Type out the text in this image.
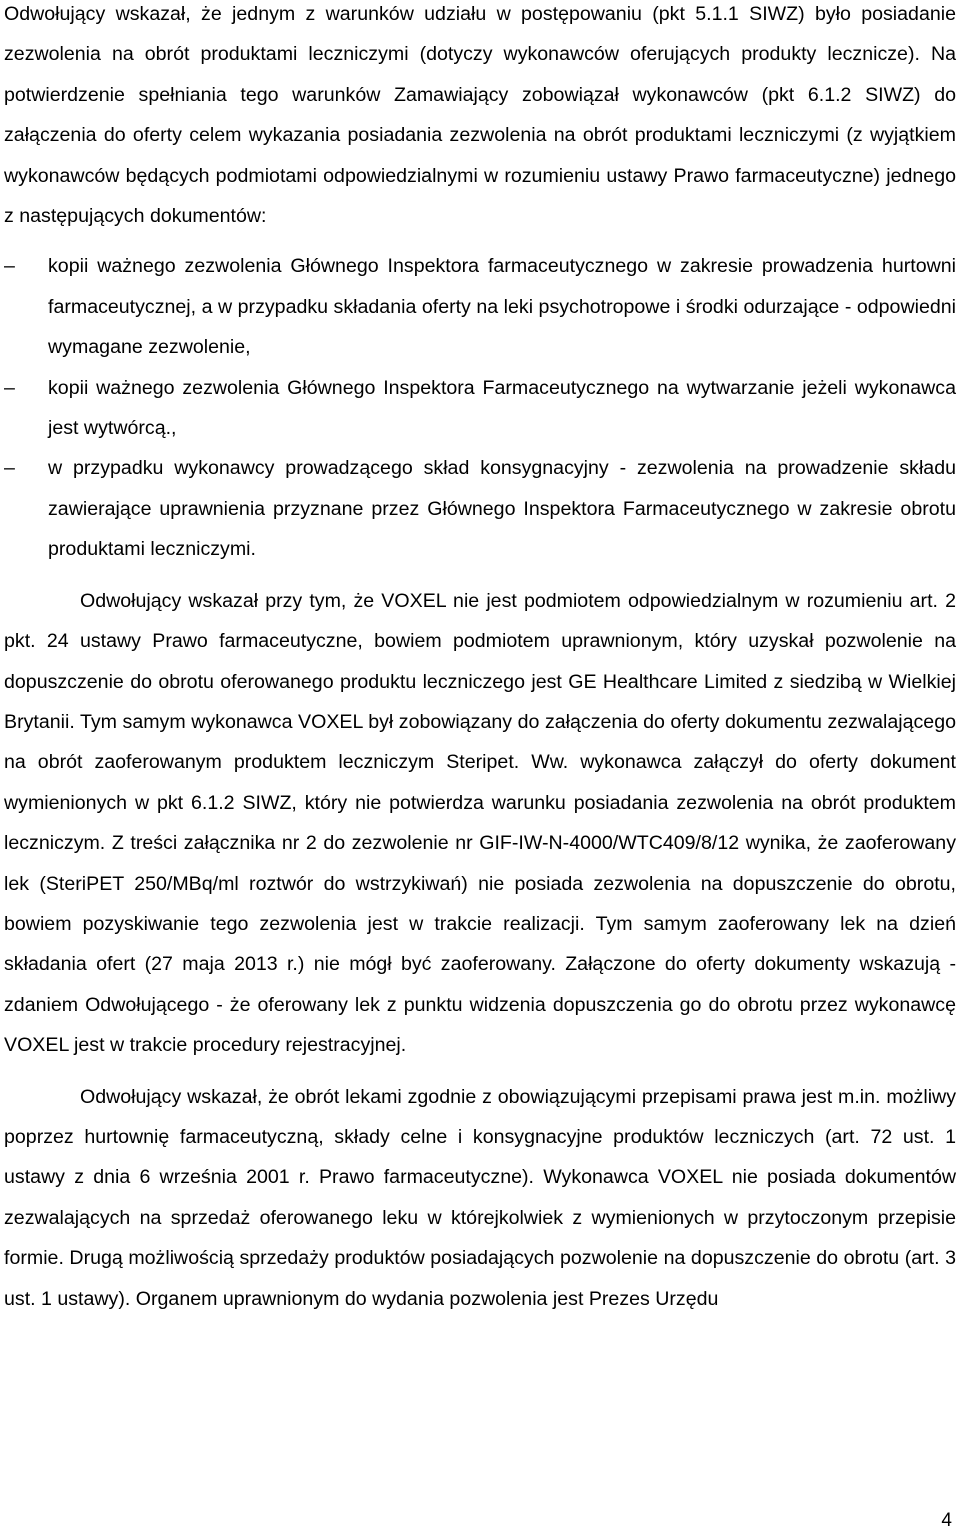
Odwołujący wskazał, że jednym z warunków udziału w postępowaniu (pkt 5.1.1 SIWZ) było posiadanie zezwolenia na obrót produktami leczniczymi (dotyczy wykonawców oferujących produkty lecznicze). Na potwierdzenie spełniania tego warunków Zamawiający zobowiązał wykonawców (pkt 6.1.2 SIWZ) do załączenia do oferty celem wykazania posiadania zezwolenia na obrót produktami leczniczymi (z wyjątkiem wykonawców będących podmiotami odpowiedzialnymi w rozumieniu ustawy Prawo farmaceutyczne) jednego z następujących dokumentów:

– kopii ważnego zezwolenia Głównego Inspektora farmaceutycznego w zakresie prowadzenia hurtowni farmaceutycznej, a w przypadku składania oferty na leki psychotropowe i środki odurzające - odpowiedni wymagane zezwolenie,
– kopii ważnego zezwolenia Głównego Inspektora Farmaceutycznego na wytwarzanie jeżeli wykonawca jest wytwórcą.,
– w przypadku wykonawcy prowadzącego skład konsygnacyjny - zezwolenia na prowadzenie składu zawierające uprawnienia przyznane przez Głównego Inspektora Farmaceutycznego w zakresie obrotu produktami leczniczymi.

Odwołujący wskazał przy tym, że VOXEL nie jest podmiotem odpowiedzialnym w rozumieniu art. 2 pkt. 24 ustawy Prawo farmaceutyczne, bowiem podmiotem uprawnionym, który uzyskał pozwolenie na dopuszczenie do obrotu oferowanego produktu leczniczego jest GE Healthcare Limited z siedzibą w Wielkiej Brytanii. Tym samym wykonawca VOXEL był zobowiązany do załączenia do oferty dokumentu zezwalającego na obrót zaoferowanym produktem leczniczym Steripet. Ww. wykonawca załączył do oferty dokument wymienionych w pkt 6.1.2 SIWZ, który nie potwierdza warunku posiadania zezwolenia na obrót produktem leczniczym. Z treści załącznika nr 2 do zezwolenie nr GIF-IW-N-4000/WTC409/8/12 wynika, że zaoferowany lek (SteriPET 250/MBq/ml roztwór do wstrzykiwań) nie posiada zezwolenia na dopuszczenie do obrotu, bowiem pozyskiwanie tego zezwolenia jest w trakcie realizacji. Tym samym zaoferowany lek na dzień składania ofert (27 maja 2013 r.) nie mógł być zaoferowany. Załączone do oferty dokumenty wskazują - zdaniem Odwołującego - że oferowany lek z punktu widzenia dopuszczenia go do obrotu przez wykonawcę VOXEL jest w trakcie procedury rejestracyjnej.

Odwołujący wskazał, że obrót lekami zgodnie z obowiązującymi przepisami prawa jest m.in. możliwy poprzez hurtownię farmaceutyczną, składy celne i konsygnacyjne produktów leczniczych (art. 72 ust. 1 ustawy z dnia 6 września 2001 r. Prawo farmaceutyczne). Wykonawca VOXEL nie posiada dokumentów zezwalających na sprzedaż oferowanego leku w którejkolwiek z wymienionych w przytoczonym przepisie formie. Drugą możliwością sprzedaży produktów posiadających pozwolenie na dopuszczenie do obrotu (art. 3 ust. 1 ustawy). Organem uprawnionym do wydania pozwolenia jest Prezes Urzędu

4
